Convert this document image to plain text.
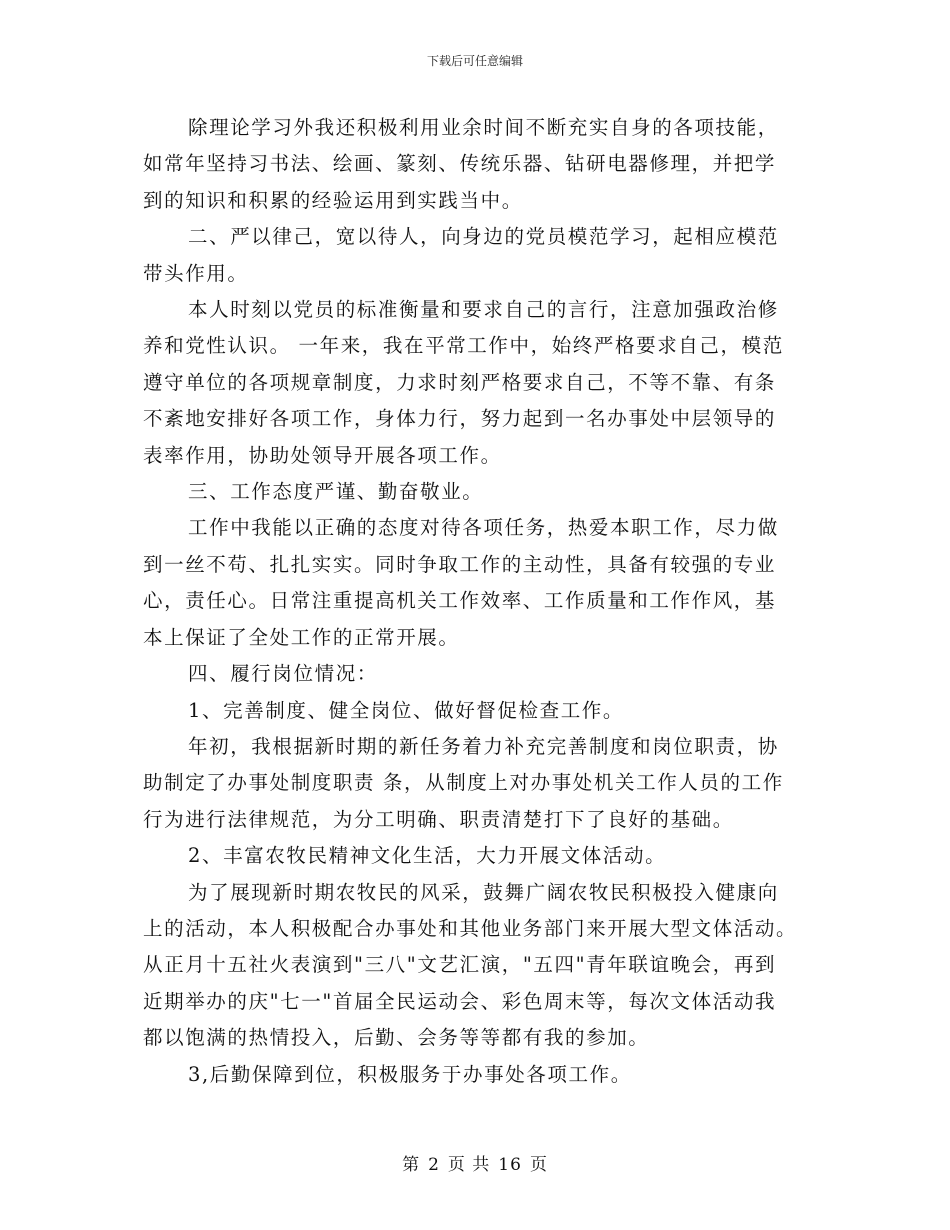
下载后可任意编辑

除理论学习外我还积极利用业余时间不断充实自身的各项技能，
如常年坚持习书法、绘画、篆刻、传统乐器、钻研电器修理，并把学
到的知识和积累的经验运用到实践当中。

二、严以律己，宽以待人，向身边的党员模范学习，起相应模范
带头作用。

本人时刻以党员的标准衡量和要求自己的言行，注意加强政治修
养和党性认识。 一年来，我在平常工作中，始终严格要求自己，模范
遵守单位的各项规章制度，力求时刻严格要求自己，不等不靠、有条
不紊地安排好各项工作，身体力行，努力起到一名办事处中层领导的
表率作用，协助处领导开展各项工作。

三、工作态度严谨、勤奋敬业。

工作中我能以正确的态度对待各项任务，热爱本职工作，尽力做
到一丝不苟、扎扎实实。同时争取工作的主动性，具备有较强的专业
心，责任心。日常注重提高机关工作效率、工作质量和工作作风，基
本上保证了全处工作的正常开展。

四、履行岗位情况：

1、完善制度、健全岗位、做好督促检查工作。

年初，我根据新时期的新任务着力补充完善制度和岗位职责，协
助制定了办事处制度职责 条，从制度上对办事处机关工作人员的工作
行为进行法律规范，为分工明确、职责清楚打下了良好的基础。

2、丰富农牧民精神文化生活，大力开展文体活动。

为了展现新时期农牧民的风采，鼓舞广阔农牧民积极投入健康向
上的活动，本人积极配合办事处和其他业务部门来开展大型文体活动。
从正月十五社火表演到"三八"文艺汇演，"五四"青年联谊晚会，再到
近期举办的庆"七一"首届全民运动会、彩色周末等，每次文体活动我
都以饱满的热情投入，后勤、会务等等都有我的参加。

3,后勤保障到位，积极服务于办事处各项工作。

第 2 页 共 16 页
